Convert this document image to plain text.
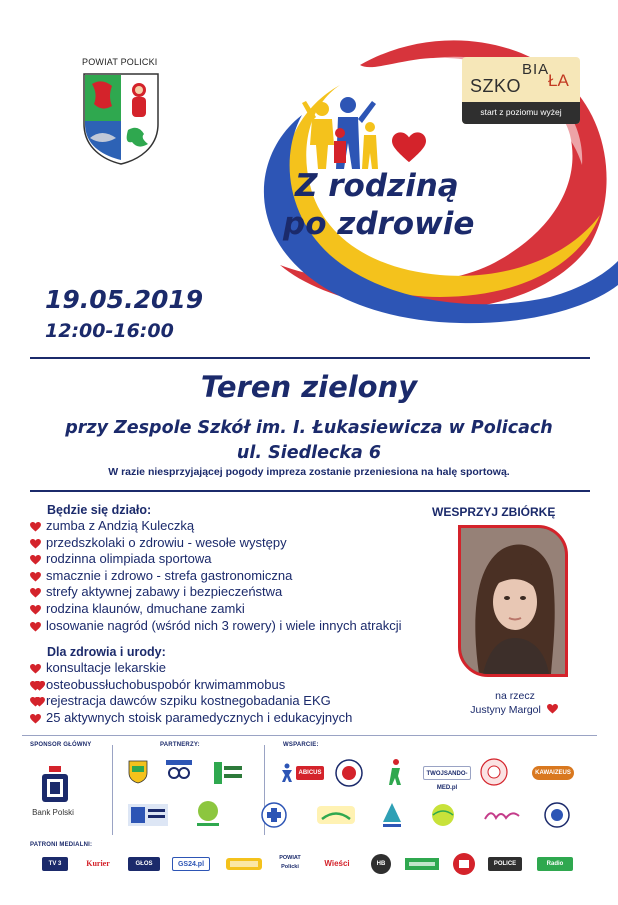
POWIAT POLICKI
Z rodziną
po zdrowie
BIA
SZKO ŁA
start z poziomu wyżej
19.05.2019
12:00-16:00
Teren zielony
przy Zespole Szkół im. I. Łukasiewicza w Policach
ul. Siedlecka 6
W razie niesprzyjającej pogody impreza zostanie przeniesiona na halę sportową.
Będzie się działo:
zumba z Andzią Kuleczką
przedszkolaki o zdrowiu - wesołe występy
rodzinna olimpiada sportowa
smacznie i zdrowo - strefa gastronomiczna
strefy aktywnej zabawy i bezpieczeństwa
rodzina klaunów, dmuchane zamki
losowanie nagród (wśród nich 3 rowery) i wiele innych atrakcji
Dla zdrowia i urody:
konsultacje lekarskie
osteobus
słuchobus
pobór krwi
mammobus
rejestracja dawców szpiku kostnego
badania EKG
25 aktywnych stoisk paramedycznych i edukacyjnych
WESPRZYJ ZBIÓRKĘ
na rzecz
Justyny Margol
SPONSOR GŁÓWNY	PARTNERZY:	WSPARCIE:
Bank Polski
ABICUS	TWOJSANDO-MED.pl
KAWAIZEUS
PATRONI MEDIALNI:
TV 3	Kurier	GŁOS	GS24.pl
POWIAT Policki	Wieści	HB	POLICE	Radio
